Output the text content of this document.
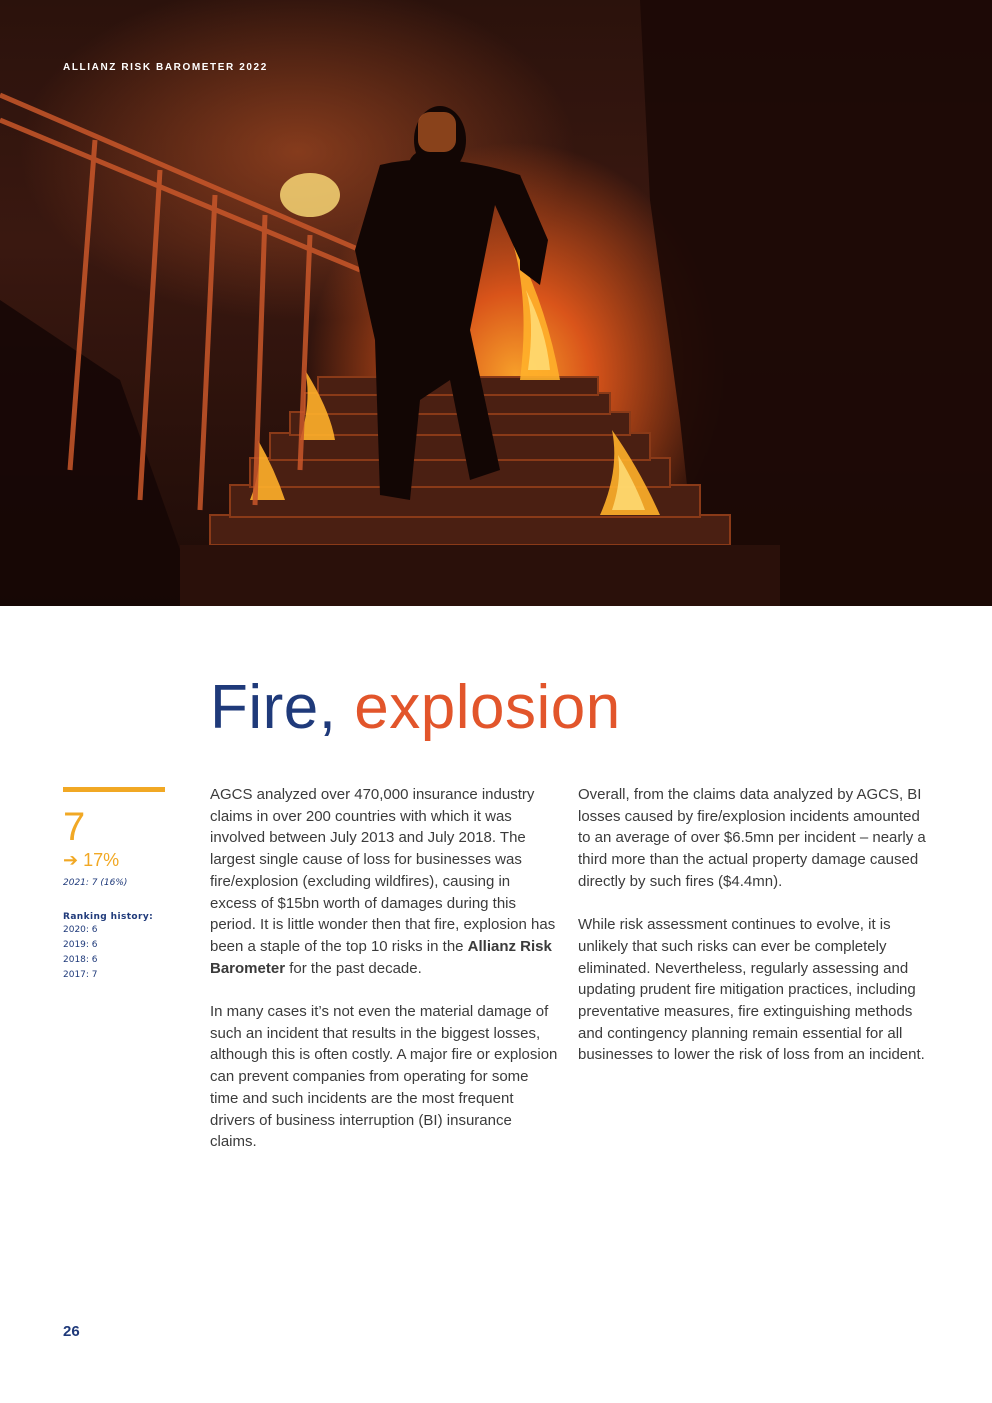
ALLIANZ RISK BAROMETER 2022
Fire, explosion
7
➔ 17%
2021: 7 (16%)
Ranking history:
2020: 6
2019: 6
2018: 6
2017: 7

AGCS analyzed over 470,000 insurance industry claims in over 200 countries with which it was involved between July 2013 and July 2018. The largest single cause of loss for businesses was fire/explosion (excluding wildfires), causing in excess of $15bn worth of damages during this period. It is little wonder then that fire, explosion has been a staple of the top 10 risks in the Allianz Risk Barometer for the past decade.

In many cases it’s not even the material damage of such an incident that results in the biggest losses, although this is often costly. A major fire or explosion can prevent companies from operating for some time and such incidents are the most frequent drivers of business interruption (BI) insurance claims.

Overall, from the claims data analyzed by AGCS, BI losses caused by fire/explosion incidents amounted to an average of over $6.5mn per incident – nearly a third more than the actual property damage caused directly by such fires ($4.4mn).

While risk assessment continues to evolve, it is unlikely that such risks can ever be completely eliminated. Nevertheless, regularly assessing and updating prudent fire mitigation practices, including preventative measures, fire extinguishing methods and contingency planning remain essential for all businesses to lower the risk of loss from an incident.

26
